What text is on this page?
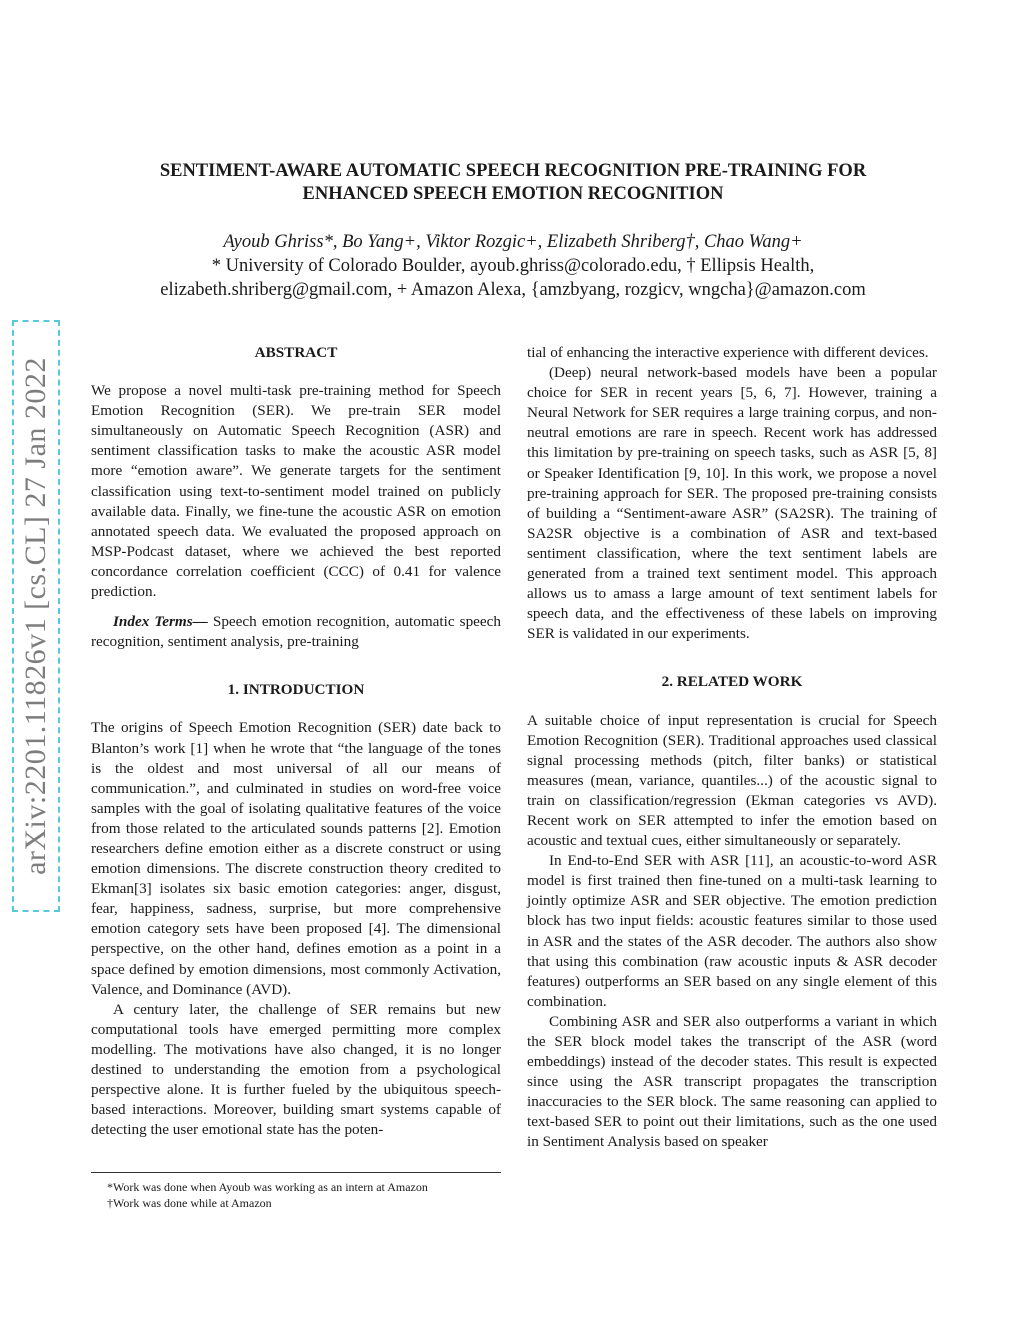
arXiv:2201.11826v1 [cs.CL] 27 Jan 2022
SENTIMENT-AWARE AUTOMATIC SPEECH RECOGNITION PRE-TRAINING FOR
ENHANCED SPEECH EMOTION RECOGNITION
Ayoub Ghriss*, Bo Yang+, Viktor Rozgic+, Elizabeth Shriberg†, Chao Wang+
* University of Colorado Boulder, ayoub.ghriss@colorado.edu, † Ellipsis Health,
elizabeth.shriberg@gmail.com, + Amazon Alexa, {amzbyang, rozgicv, wngcha}@amazon.com
ABSTRACT

We propose a novel multi-task pre-training method for Speech Emotion Recognition (SER). We pre-train SER model simultaneously on Automatic Speech Recognition (ASR) and sentiment classification tasks to make the acoustic ASR model more “emotion aware”. We generate targets for the sentiment classification using text-to-sentiment model trained on publicly available data. Finally, we fine-tune the acoustic ASR on emotion annotated speech data. We evaluated the proposed approach on MSP-Podcast dataset, where we achieved the best reported concordance correlation coefficient (CCC) of 0.41 for valence prediction.

Index Terms— Speech emotion recognition, automatic speech recognition, sentiment analysis, pre-training

1. INTRODUCTION

The origins of Speech Emotion Recognition (SER) date back to Blanton’s work [1] when he wrote that “the language of the tones is the oldest and most universal of all our means of communication.”, and culminated in studies on word-free voice samples with the goal of isolating qualitative features of the voice from those related to the articulated sounds patterns [2]. Emotion researchers define emotion either as a discrete construct or using emotion dimensions. The discrete construction theory credited to Ekman[3] isolates six basic emotion categories: anger, disgust, fear, happiness, sadness, surprise, but more comprehensive emotion category sets have been proposed [4]. The dimensional perspective, on the other hand, defines emotion as a point in a space defined by emotion dimensions, most commonly Activation, Valence, and Dominance (AVD).

A century later, the challenge of SER remains but new computational tools have emerged permitting more complex modelling. The motivations have also changed, it is no longer destined to understanding the emotion from a psychological perspective alone. It is further fueled by the ubiquitous speech-based interactions. Moreover, building smart systems capable of detecting the user emotional state has the poten-

tial of enhancing the interactive experience with different devices.

(Deep) neural network-based models have been a popular choice for SER in recent years [5, 6, 7]. However, training a Neural Network for SER requires a large training corpus, and non-neutral emotions are rare in speech. Recent work has addressed this limitation by pre-training on speech tasks, such as ASR [5, 8] or Speaker Identification [9, 10]. In this work, we propose a novel pre-training approach for SER. The proposed pre-training consists of building a “Sentiment-aware ASR” (SA2SR). The training of SA2SR objective is a combination of ASR and text-based sentiment classification, where the text sentiment labels are generated from a trained text sentiment model. This approach allows us to amass a large amount of text sentiment labels for speech data, and the effectiveness of these labels on improving SER is validated in our experiments.

2. RELATED WORK

A suitable choice of input representation is crucial for Speech Emotion Recognition (SER). Traditional approaches used classical signal processing methods (pitch, filter banks) or statistical measures (mean, variance, quantiles...) of the acoustic signal to train on classification/regression (Ekman categories vs AVD). Recent work on SER attempted to infer the emotion based on acoustic and textual cues, either simultaneously or separately.

In End-to-End SER with ASR [11], an acoustic-to-word ASR model is first trained then fine-tuned on a multi-task learning to jointly optimize ASR and SER objective. The emotion prediction block has two input fields: acoustic features similar to those used in ASR and the states of the ASR decoder. The authors also show that using this combination (raw acoustic inputs & ASR decoder features) outperforms an SER based on any single element of this combination.

Combining ASR and SER also outperforms a variant in which the SER block model takes the transcript of the ASR (word embeddings) instead of the decoder states. This result is expected since using the ASR transcript propagates the transcription inaccuracies to the SER block. The same reasoning can applied to text-based SER to point out their limitations, such as the one used in Sentiment Analysis based on speaker

*Work was done when Ayoub was working as an intern at Amazon
†Work was done while at Amazon
